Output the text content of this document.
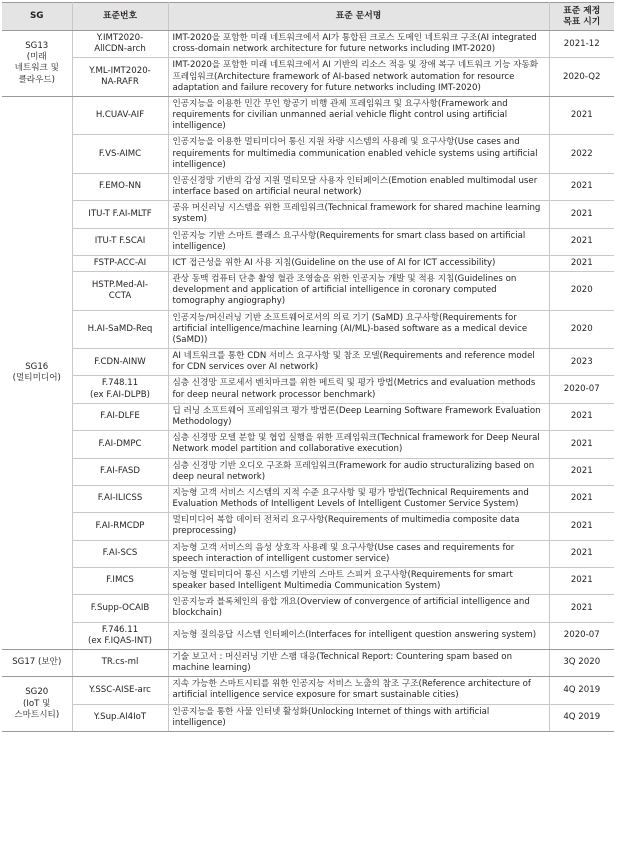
SG	표준번호	표준 문서명	표준 제정
목표 시기
SG13
(미래
네트워크 및
클라우드)	Y.IMT2020-
AllCDN-arch	IMT-2020을 포함한 미래 네트워크에서 AI가 통합된 크로스 도메인 네트워크 구조(AI integrated cross-domain network architecture for future networks including IMT-2020)	2021-12
	Y.ML-IMT2020-
NA-RAFR	IMT-2020을 포함한 미래 네트워크에서 AI 기반의 리소스 적응 및 장애 복구 네트워크 기능 자동화 프레임워크(Architecture framework of AI-based network automation for resource adaptation and failure recovery for future networks including IMT-2020)	2020-Q2
SG16
(멀티미디어)	H.CUAV-AIF	인공지능을 이용한 민간 무인 항공기 비행 관제 프레임워크 및 요구사항(Framework and requirements for civilian unmanned aerial vehicle flight control using artificial intelligence)	2021
	F.VS-AIMC	인공지능을 이용한 멀티미디어 통신 지원 차량 시스템의 사용례 및 요구사항(Use cases and requirements for multimedia communication enabled vehicle systems using artificial intelligence)	2022
	F.EMO-NN	인공신경망 기반의 감성 지원 멀티모달 사용자 인터페이스(Emotion enabled multimodal user interface based on artificial neural network)	2021
	ITU-T F.AI-MLTF	공유 머신러닝 시스템을 위한 프레임워크(Technical framework for shared machine learning system)	2021
	ITU-T F.SCAI	인공지능 기반 스마트 클래스 요구사항(Requirements for smart class based on artificial intelligence)	2021
	FSTP-ACC-AI	ICT 접근성을 위한 AI 사용 지침(Guideline on the use of AI for ICT accessibility)	2021
	HSTP.Med-AI-
CCTA	관상 동맥 컴퓨터 단층 촬영 혈관 조영술을 위한 인공지능 개발 및 적용 지침(Guidelines on development and application of artificial intelligence in coronary computed tomography angiography)	2020
	H.AI-SaMD-Req	인공지능/머신러닝 기반 소프트웨어로서의 의료 기기 (SaMD) 요구사항(Requirements for artificial intelligence/machine learning (AI/ML)-based software as a medical device (SaMD))	2020
	F.CDN-AINW	AI 네트워크를 통한 CDN 서비스 요구사항 및 참조 모델(Requirements and reference model for CDN services over AI network)	2023
	F.748.11
(ex F.AI-DLPB)	심층 신경망 프로세서 벤치마크를 위한 메트릭 및 평가 방법(Metrics and evaluation methods for deep neural network processor benchmark)	2020-07
	F.AI-DLFE	딥 러닝 소프트웨어 프레임워크 평가 방법론(Deep Learning Software Framework Evaluation Methodology)	2021
	F.AI-DMPC	심층 신경망 모델 분할 및 협업 실행을 위한 프레임워크(Technical framework for Deep Neural Network model partition and collaborative execution)	2021
	F.AI-FASD	심층 신경망 기반 오디오 구조화 프레임워크(Framework for audio structuralizing based on deep neural network)	2021
	F.AI-ILICSS	지능형 고객 서비스 시스템의 지적 수준 요구사항 및 평가 방법(Technical Requirements and Evaluation Methods of Intelligent Levels of Intelligent Customer Service System)	2021
	F.AI-RMCDP	멀티미디어 복합 데이터 전처리 요구사항(Requirements of multimedia composite data preprocessing)	2021
	F.AI-SCS	지능형 고객 서비스의 음성 상호작 사용례 및 요구사항(Use cases and requirements for speech interaction of intelligent customer service)	2021
	F.IMCS	지능형 멀티미디어 통신 시스템 기반의 스마트 스피커 요구사항(Requirements for smart speaker based Intelligent Multimedia Communication System)	2021
	F.Supp-OCAIB	인공지능과 블록체인의 융합 개요(Overview of convergence of artificial intelligence and blockchain)	2021
	F.746.11
(ex F.IQAS-INT)	지능형 질의응답 시스템 인터페이스(Interfaces for intelligent question answering system)	2020-07
SG17 (보안)	TR.cs-ml	기술 보고서 : 머신러닝 기반 스팸 대응(Technical Report: Countering spam based on machine learning)	3Q 2020
SG20
(IoT 및
스마트시티)	Y.SSC-AISE-arc	지속 가능한 스마트시티를 위한 인공지능 서비스 노출의 참조 구조(Reference architecture of artificial intelligence service exposure for smart sustainable cities)	4Q 2019
	Y.Sup.AI4IoT	인공지능을 통한 사물 인터넷 활성화(Unlocking Internet of things with artificial intelligence)	4Q 2019
